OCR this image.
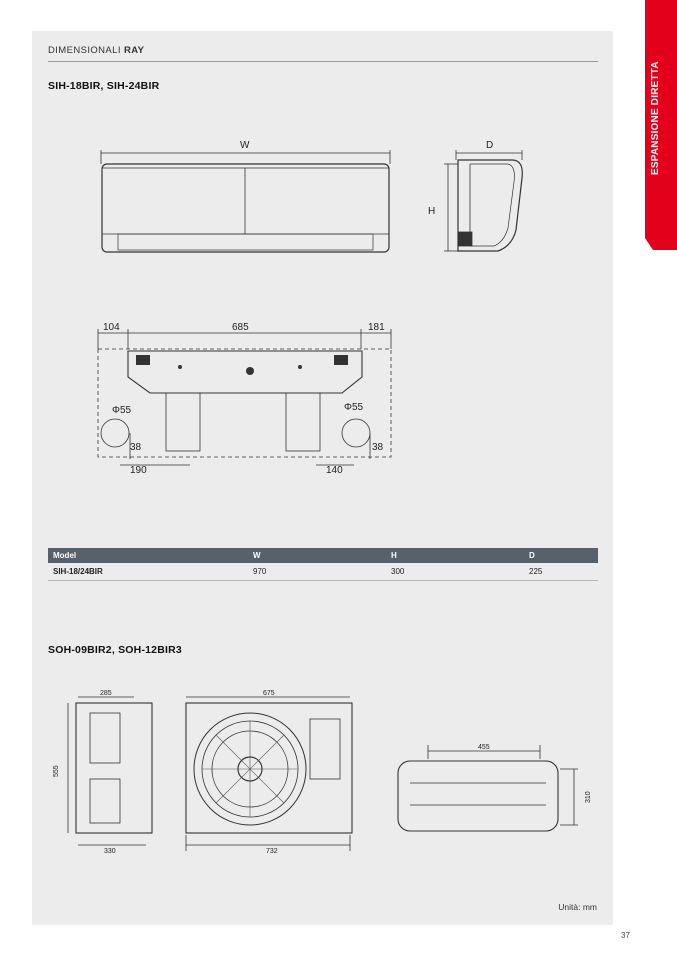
ESPANSIONE DIRETTA
DIMENSIONALI RAY
SIH-18BIR, SIH-24BIR
W	D
H
104	685	181
Φ55	Φ55
38	38
190	140
Model	W	H	D
SIH-18/24BIR	970	300	225
SOH-09BIR2, SOH-12BIR3
285
555
330
675
732
455
310
Unità: mm
37
